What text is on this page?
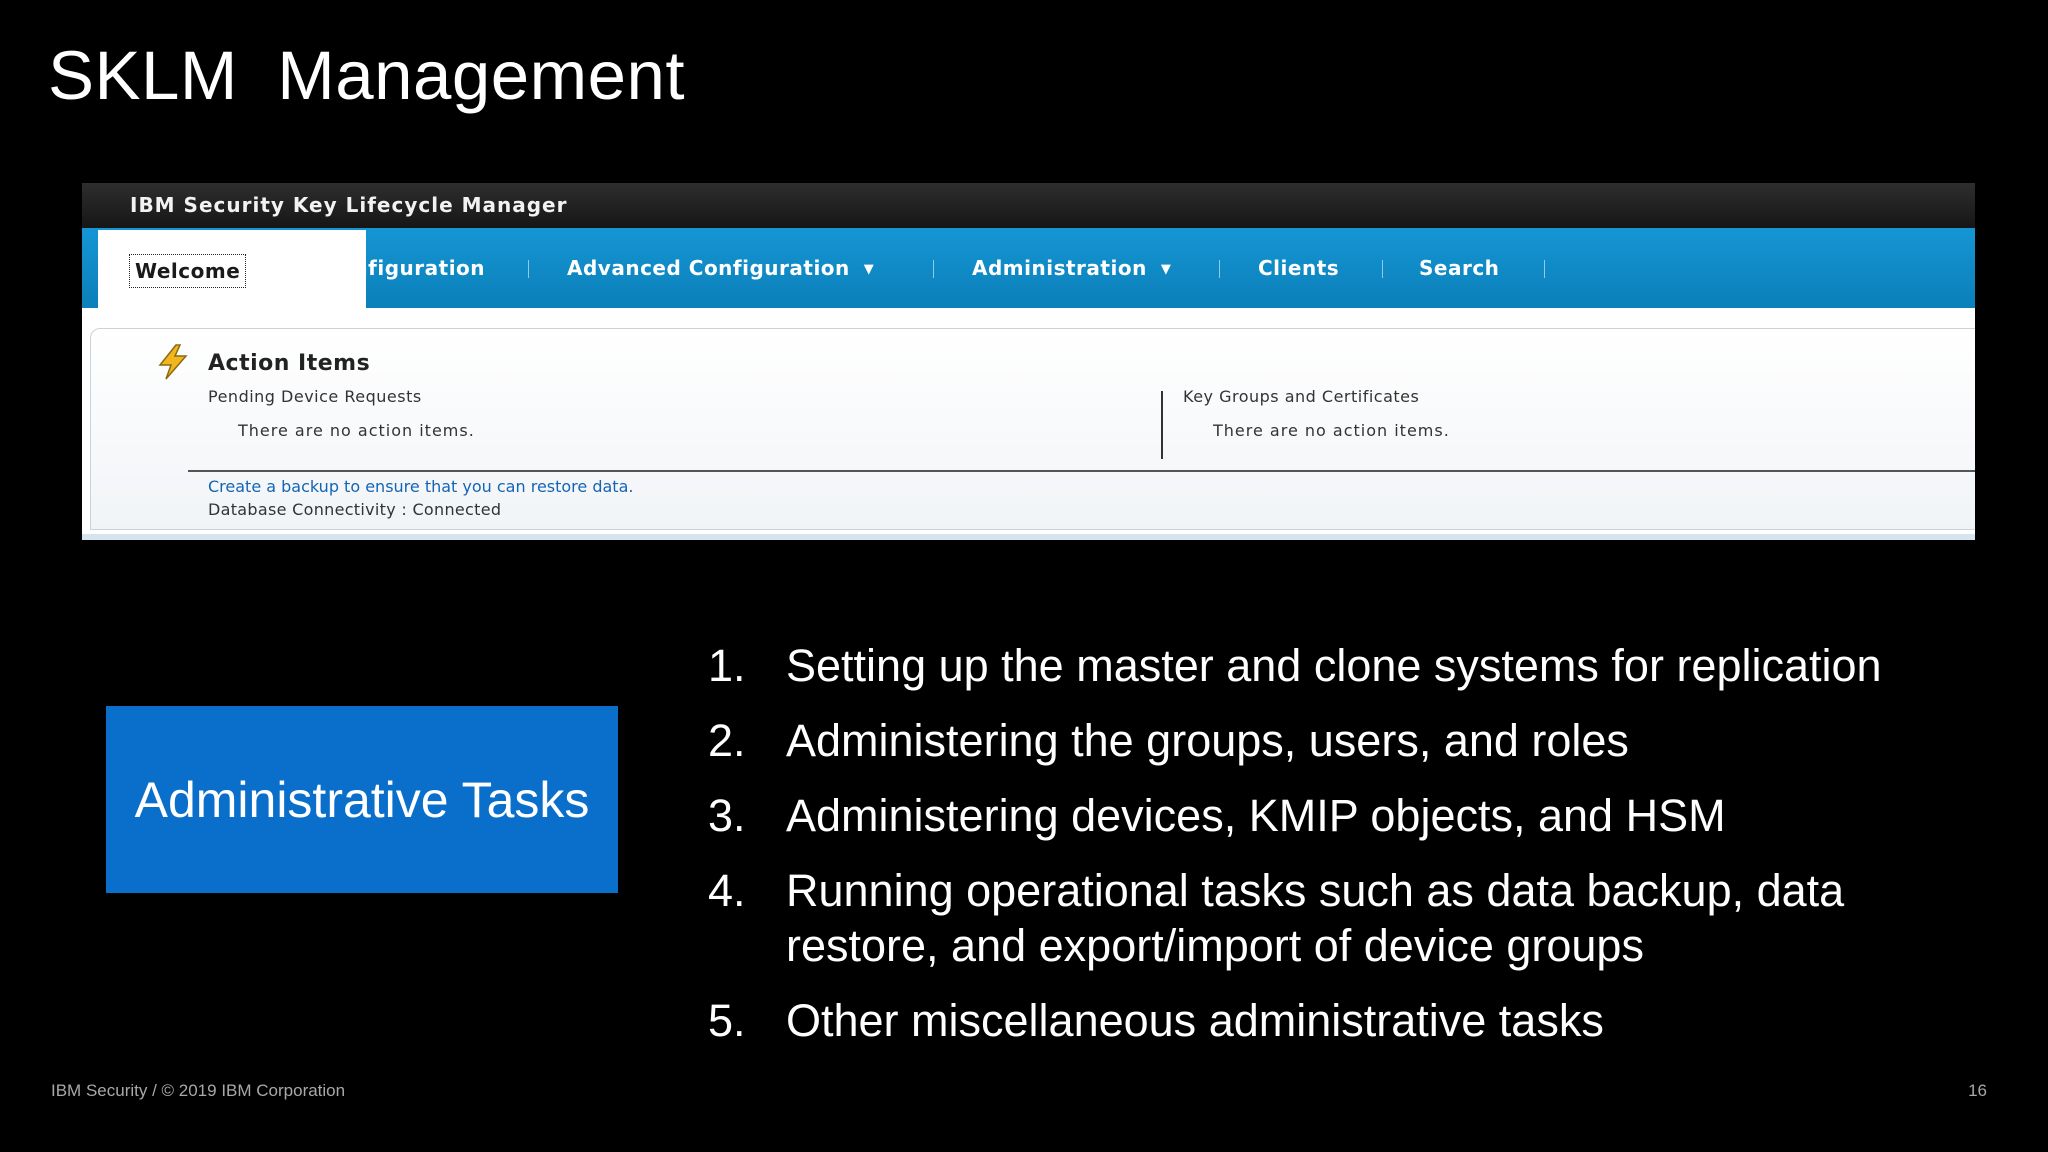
SKLM  Management
IBM Security Key Lifecycle Manager
Welcome	Configuration	Advanced Configuration ▼	Administration ▼	Clients	Search
Action Items
Pending Device Requests
There are no action items.
Key Groups and Certificates
There are no action items.
Create a backup to ensure that you can restore data.
Database Connectivity : Connected
Administrative Tasks
1. Setting up the master and clone systems for replication
2. Administering the groups, users, and roles
3. Administering devices, KMIP objects, and HSM
4. Running operational tasks such as data backup, data restore, and export/import of device groups
5. Other miscellaneous administrative tasks
IBM Security / © 2019 IBM Corporation	16
